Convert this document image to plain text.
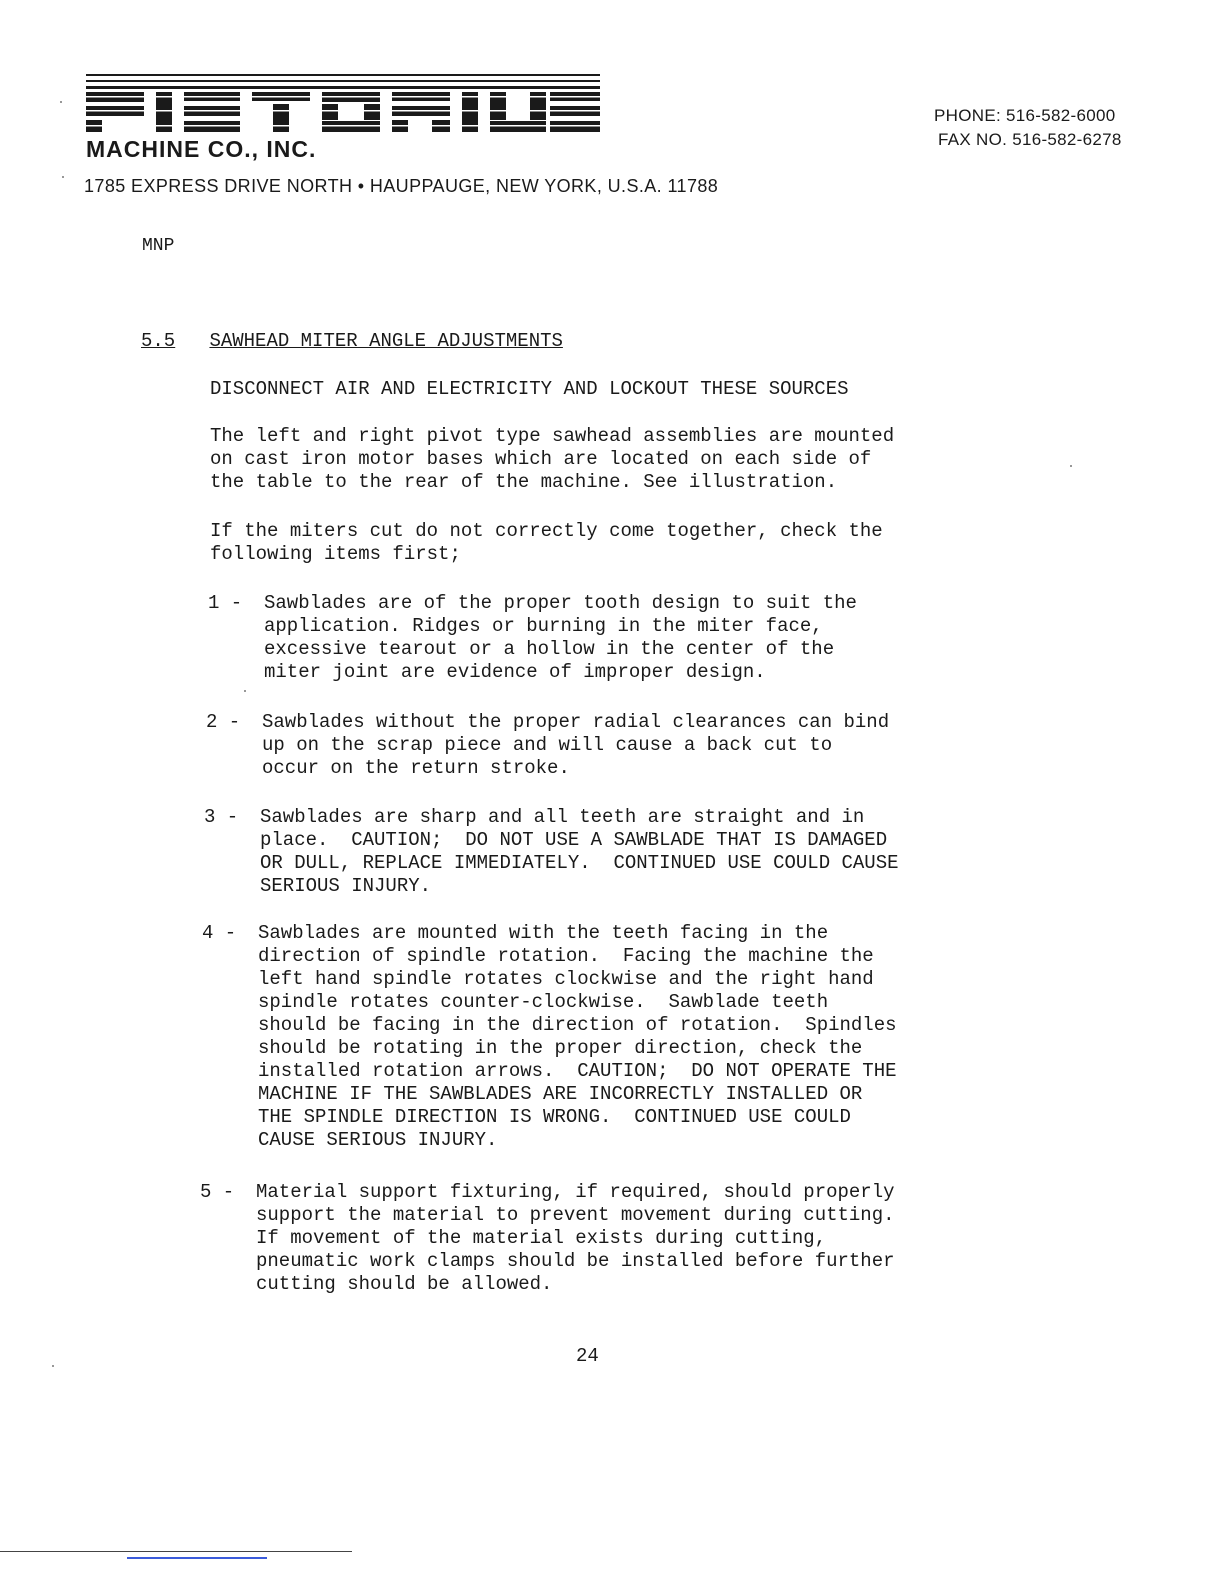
MACHINE CO., INC.
1785 EXPRESS DRIVE NORTH • HAUPPAUGE, NEW YORK, U.S.A. 11788
PHONE: 516-582-6000
FAX NO. 516-582-6278
MNP
5.5 SAWHEAD MITER ANGLE ADJUSTMENTS
DISCONNECT AIR AND ELECTRICITY AND LOCKOUT THESE SOURCES
The left and right pivot type sawhead assemblies are mounted
on cast iron motor bases which are located on each side of
the table to the rear of the machine. See illustration.
If the miters cut do not correctly come together, check the
following items first;
1 - Sawblades are of the proper tooth design to suit the
application. Ridges or burning in the miter face,
excessive tearout or a hollow in the center of the
miter joint are evidence of improper design.
2 - Sawblades without the proper radial clearances can bind
up on the scrap piece and will cause a back cut to
occur on the return stroke.
3 - Sawblades are sharp and all teeth are straight and in
place.  CAUTION;  DO NOT USE A SAWBLADE THAT IS DAMAGED
OR DULL, REPLACE IMMEDIATELY.  CONTINUED USE COULD CAUSE
SERIOUS INJURY.
4 - Sawblades are mounted with the teeth facing in the
direction of spindle rotation.  Facing the machine the
left hand spindle rotates clockwise and the right hand
spindle rotates counter-clockwise.  Sawblade teeth
should be facing in the direction of rotation.  Spindles
should be rotating in the proper direction, check the
installed rotation arrows.  CAUTION;  DO NOT OPERATE THE
MACHINE IF THE SAWBLADES ARE INCORRECTLY INSTALLED OR
THE SPINDLE DIRECTION IS WRONG.  CONTINUED USE COULD
CAUSE SERIOUS INJURY.
5 - Material support fixturing, if required, should properly
support the material to prevent movement during cutting.
If movement of the material exists during cutting,
pneumatic work clamps should be installed before further
cutting should be allowed.
24
